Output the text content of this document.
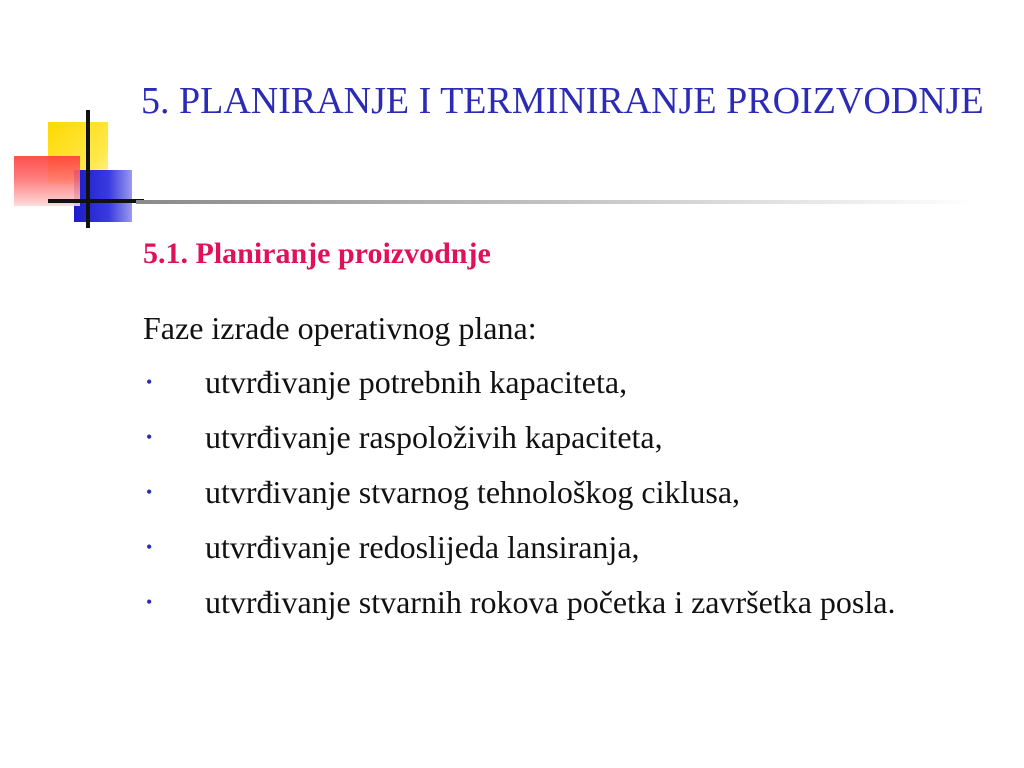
5. PLANIRANJE I TERMINIRANJE PROIZVODNJE
5.1. Planiranje proizvodnje

Faze izrade operativnog plana:

• utvrđivanje potrebnih kapaciteta,
• utvrđivanje raspoloživih kapaciteta,
• utvrđivanje stvarnog tehnološkog ciklusa,
• utvrđivanje redoslijeda lansiranja,
• utvrđivanje stvarnih rokova početka i završetka posla.
